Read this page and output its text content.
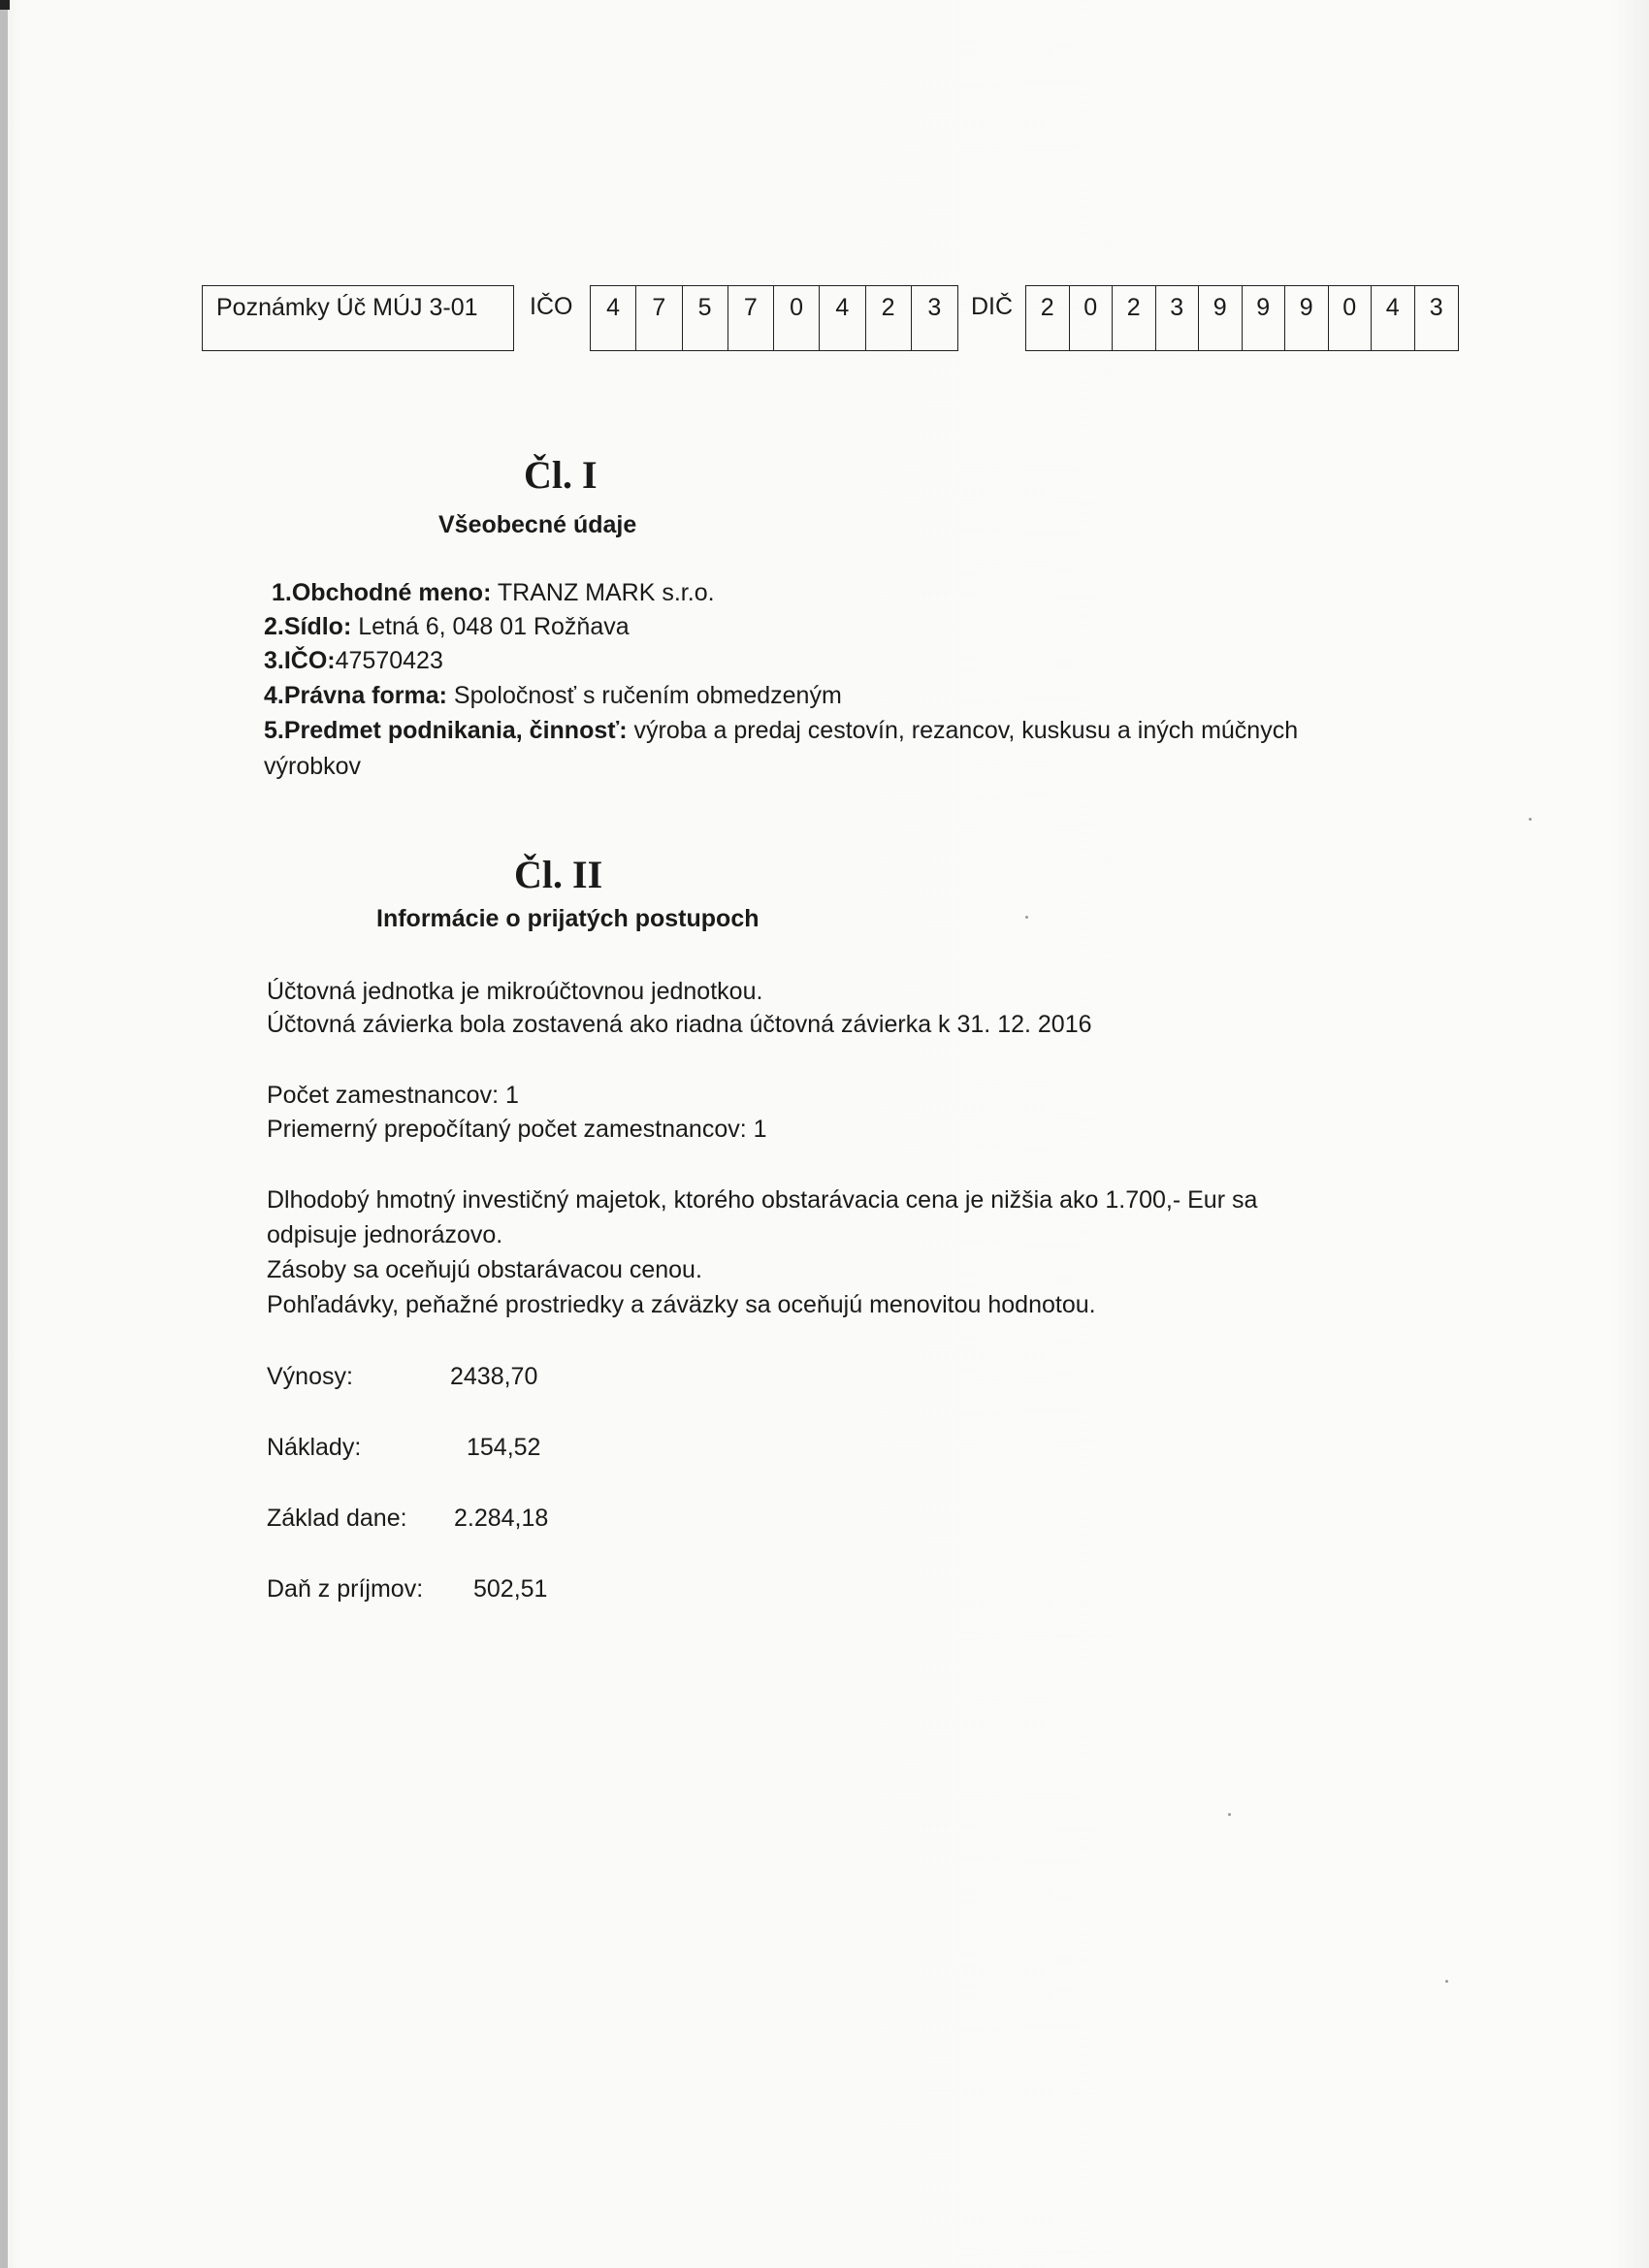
Poznámky Úč MÚJ 3-01	IČO	4	7	5	7	0	4	2	3	DIČ	2	0	2	3	9	9	9	0	4	3
Čl. I
Všeobecné údaje
1.Obchodné meno: TRANZ MARK s.r.o.
2.Sídlo: Letná 6, 048 01 Rožňava
3.IČO:47570423
4.Právna forma: Spoločnosť s ručením obmedzeným
5.Predmet podnikania, činnosť: výroba a predaj cestovín, rezancov, kuskusu a iných múčnych
výrobkov
Čl. II
Informácie o prijatých postupoch
Účtovná jednotka je mikroúčtovnou jednotkou.
Účtovná závierka bola zostavená ako riadna účtovná závierka k 31. 12. 2016
Počet zamestnancov: 1
Priemerný prepočítaný počet zamestnancov: 1
Dlhodobý hmotný investičný majetok, ktorého obstarávacia cena je nižšia ako 1.700,- Eur sa
odpisuje jednorázovo.
Zásoby sa oceňujú obstarávacou cenou.
Pohľadávky, peňažné prostriedky a záväzky sa oceňujú menovitou hodnotou.
Výnosy:	2438,70
Náklady:	154,52
Základ dane: 2.284,18
Daň z príjmov: 502,51
